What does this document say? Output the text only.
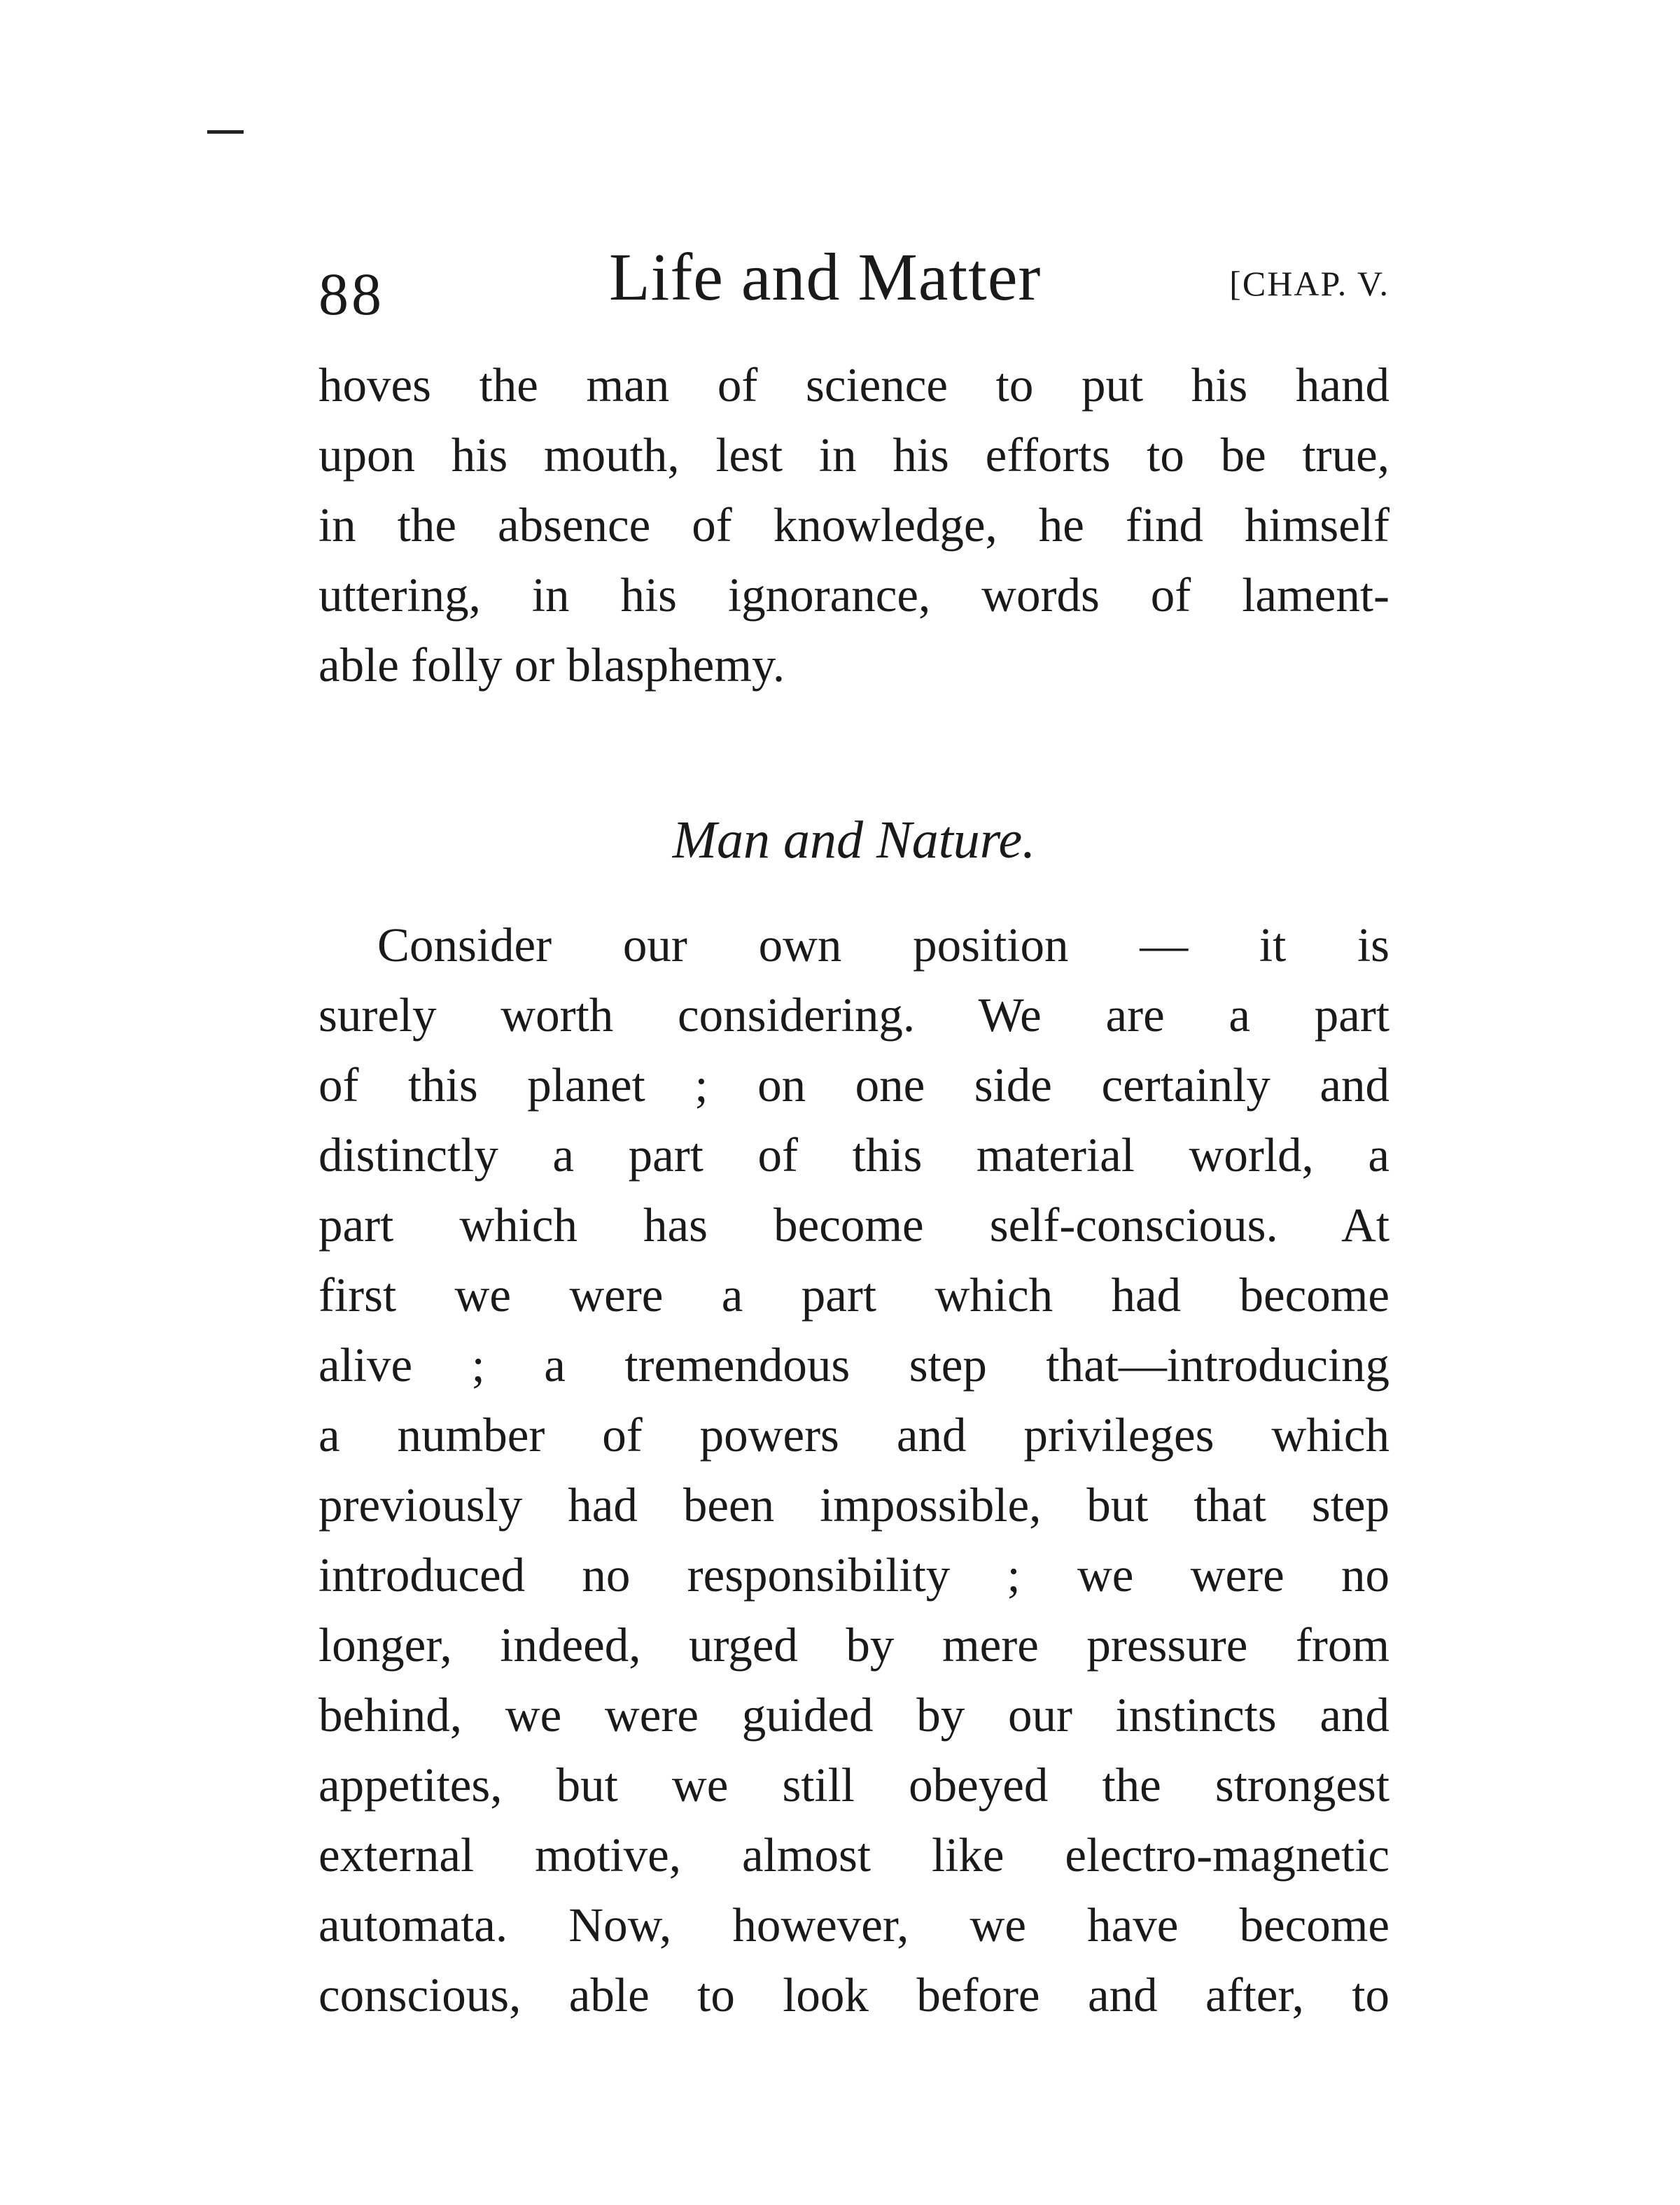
88	Life and Matter	[CHAP. V.
hoves the man of science to put his hand
upon his mouth, lest in his efforts to be true,
in the absence of knowledge, he find himself
uttering, in his ignorance, words of lament-
able folly or blasphemy.
Man and Nature.
Consider our own position — it is
surely worth considering. We are a part
of this planet ; on one side certainly and
distinctly a part of this material world, a
part which has become self-conscious. At
first we were a part which had become
alive ; a tremendous step that—introducing
a number of powers and privileges which
previously had been impossible, but that step
introduced no responsibility ; we were no
longer, indeed, urged by mere pressure from
behind, we were guided by our instincts and
appetites, but we still obeyed the strongest
external motive, almost like electro-magnetic
automata. Now, however, we have become
conscious, able to look before and after, to
